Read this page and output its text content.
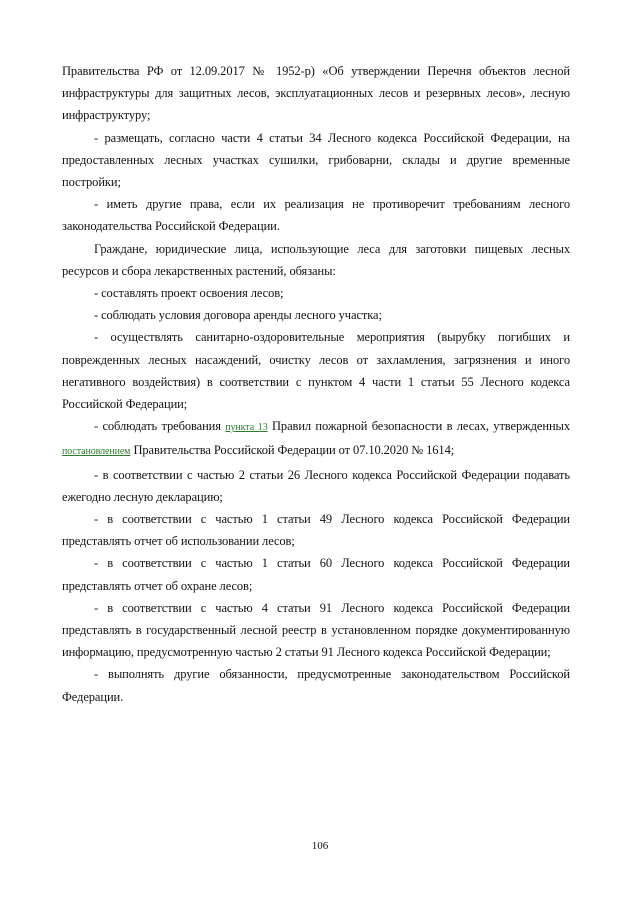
Правительства РФ от 12.09.2017 № 1952-р) «Об утверждении Перечня объектов лесной инфраструктуры для защитных лесов, эксплуатационных лесов и резервных лесов», лесную инфраструктуру;

- размещать, согласно части 4 статьи 34 Лесного кодекса Российской Федерации, на предоставленных лесных участках сушилки, грибоварни, склады и другие временные постройки;

- иметь другие права, если их реализация не противоречит требованиям лесного законодательства Российской Федерации.

Граждане, юридические лица, использующие леса для заготовки пищевых лесных ресурсов и сбора лекарственных растений, обязаны:

- составлять проект освоения лесов;

- соблюдать условия договора аренды лесного участка;

- осуществлять санитарно-оздоровительные мероприятия (вырубку погибших и поврежденных лесных насаждений, очистку лесов от захламления, загрязнения и иного негативного воздействия) в соответствии с пунктом 4 части 1 статьи 55 Лесного кодекса Российской Федерации;

- соблюдать требования пункта 13 Правил пожарной безопасности в лесах, утвержденных постановлением Правительства Российской Федерации от 07.10.2020 № 1614;

- в соответствии с частью 2 статьи 26 Лесного кодекса Российской Федерации подавать ежегодно лесную декларацию;

- в соответствии с частью 1 статьи 49 Лесного кодекса Российской Федерации представлять отчет об использовании лесов;

- в соответствии с частью 1 статьи 60 Лесного кодекса Российской Федерации представлять отчет об охране лесов;

- в соответствии с частью 4 статьи 91 Лесного кодекса Российской Федерации представлять в государственный лесной реестр в установленном порядке документированную информацию, предусмотренную частью 2 статьи 91 Лесного кодекса Российской Федерации;

- выполнять другие обязанности, предусмотренные законодательством Российской Федерации.

106
